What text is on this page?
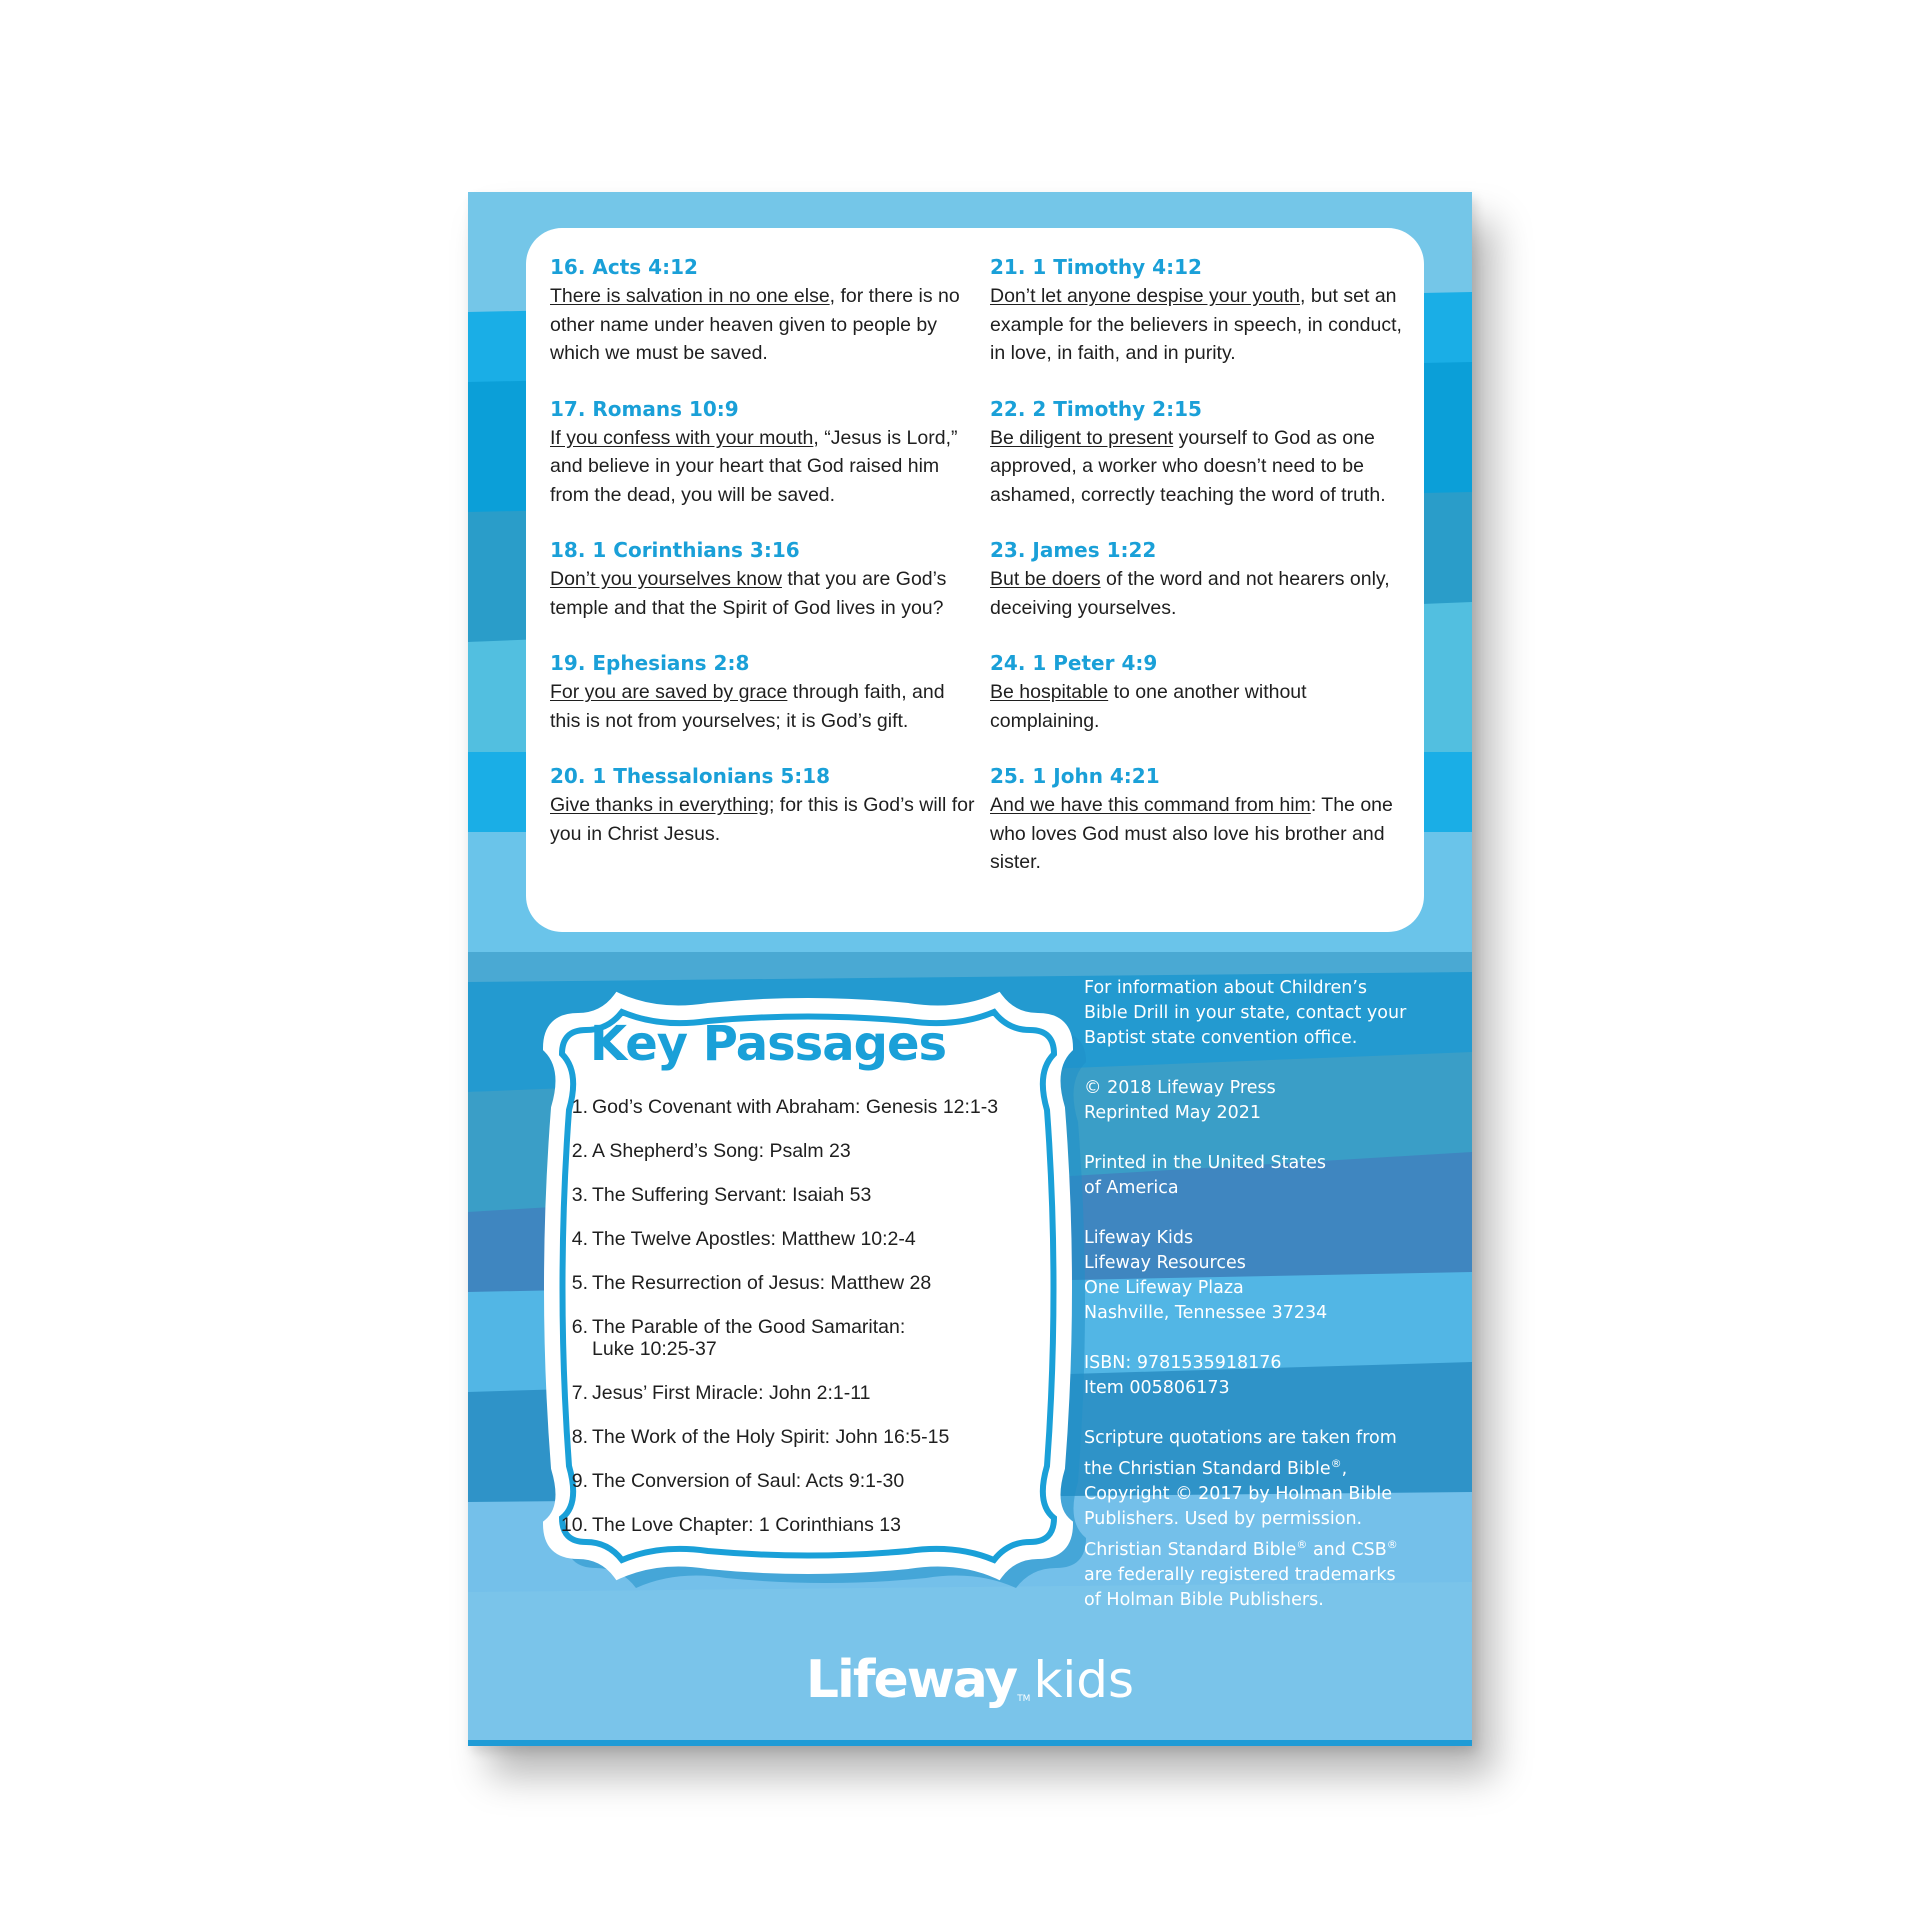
16. Acts 4:12

There is salvation in no one else, for there is no other name under heaven given to people by which we must be saved.

17. Romans 10:9

If you confess with your mouth, “Jesus is Lord,” and believe in your heart that God raised him from the dead, you will be saved.

18. 1 Corinthians 3:16

Don’t you yourselves know that you are God’s temple and that the Spirit of God lives in you?

19. Ephesians 2:8

For you are saved by grace through faith, and this is not from yourselves; it is God’s gift.

20. 1 Thessalonians 5:18

Give thanks in everything; for this is God’s will for you in Christ Jesus.

21. 1 Timothy 4:12

Don’t let anyone despise your youth, but set an example for the believers in speech, in conduct, in love, in faith, and in purity.

22. 2 Timothy 2:15

Be diligent to present yourself to God as one approved, a worker who doesn’t need to be ashamed, correctly teaching the word of truth.

23. James 1:22

But be doers of the word and not hearers only, deceiving yourselves.

24. 1 Peter 4:9

Be hospitable to one another without complaining.

25. 1 John 4:21

And we have this command from him: The one who loves God must also love his brother and sister.

Key Passages
1. God’s Covenant with Abraham: Genesis 12:1-3
2. A Shepherd’s Song: Psalm 23
3. The Suffering Servant: Isaiah 53
4. The Twelve Apostles: Matthew 10:2-4
5. The Resurrection of Jesus: Matthew 28
6. The Parable of the Good Samaritan: Luke 10:25-37
7. Jesus’ First Miracle: John 2:1-11
8. The Work of the Holy Spirit: John 16:5-15
9. The Conversion of Saul: Acts 9:1-30
10. The Love Chapter: 1 Corinthians 13

For information about Children’s
Bible Drill in your state, contact your
Baptist state convention office.

© 2018 Lifeway Press
Reprinted May 2021

Printed in the United States
of America

Lifeway Kids
Lifeway Resources
One Lifeway Plaza
Nashville, Tennessee 37234

ISBN: 9781535918176
Item 005806173

Scripture quotations are taken from
the Christian Standard Bible®,
Copyright © 2017 by Holman Bible
Publishers. Used by permission.
Christian Standard Bible® and CSB®
are federally registered trademarks
of Holman Bible Publishers.

Lifeway$_{TM}$kids
